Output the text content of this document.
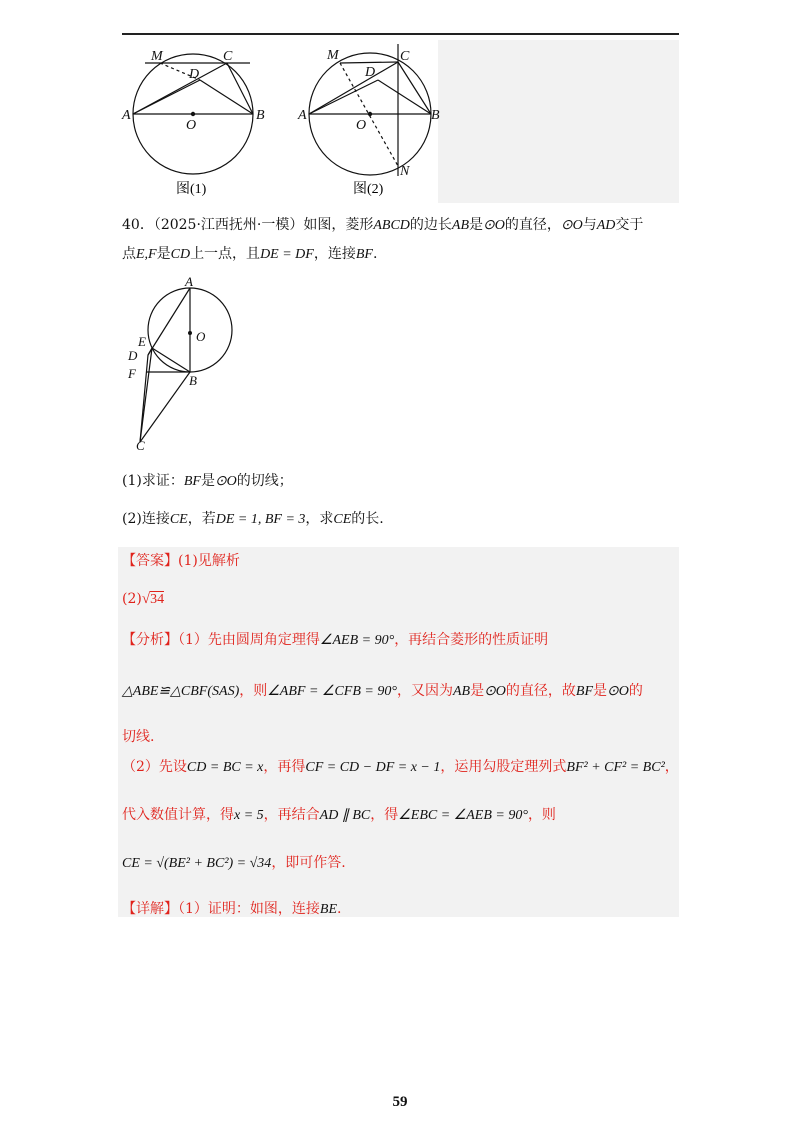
M	C
D
A
O
B
图(1)
M	C
D
A
O
B
N
图(2)
40．（2025·江西抚州·一模）如图，菱形ABCD的边长AB是⊙O的直径，⊙O与AD交于
点E,F是CD上一点，且DE = DF，连接BF.
A
O
E
D
F	B
C
(1)求证：BF是⊙O的切线；
(2)连接CE，若DE = 1, BF = 3，求CE的长.
【答案】(1)见解析
(2)√34
【分析】（1）先由圆周角定理得∠AEB = 90°，再结合菱形的性质证明
△ABE≌△CBF(SAS)，则∠ABF = ∠CFB = 90°，又因为AB是⊙O的直径，故BF是⊙O的
切线.
（2）先设CD = BC = x，再得CF = CD − DF = x − 1，运用勾股定理列式BF² + CF² = BC²，
代入数值计算，得x = 5，再结合AD ∥ BC，得∠EBC = ∠AEB = 90°，则
CE = √(BE² + BC²) = √34，即可作答.
【详解】（1）证明：如图，连接BE.
59
